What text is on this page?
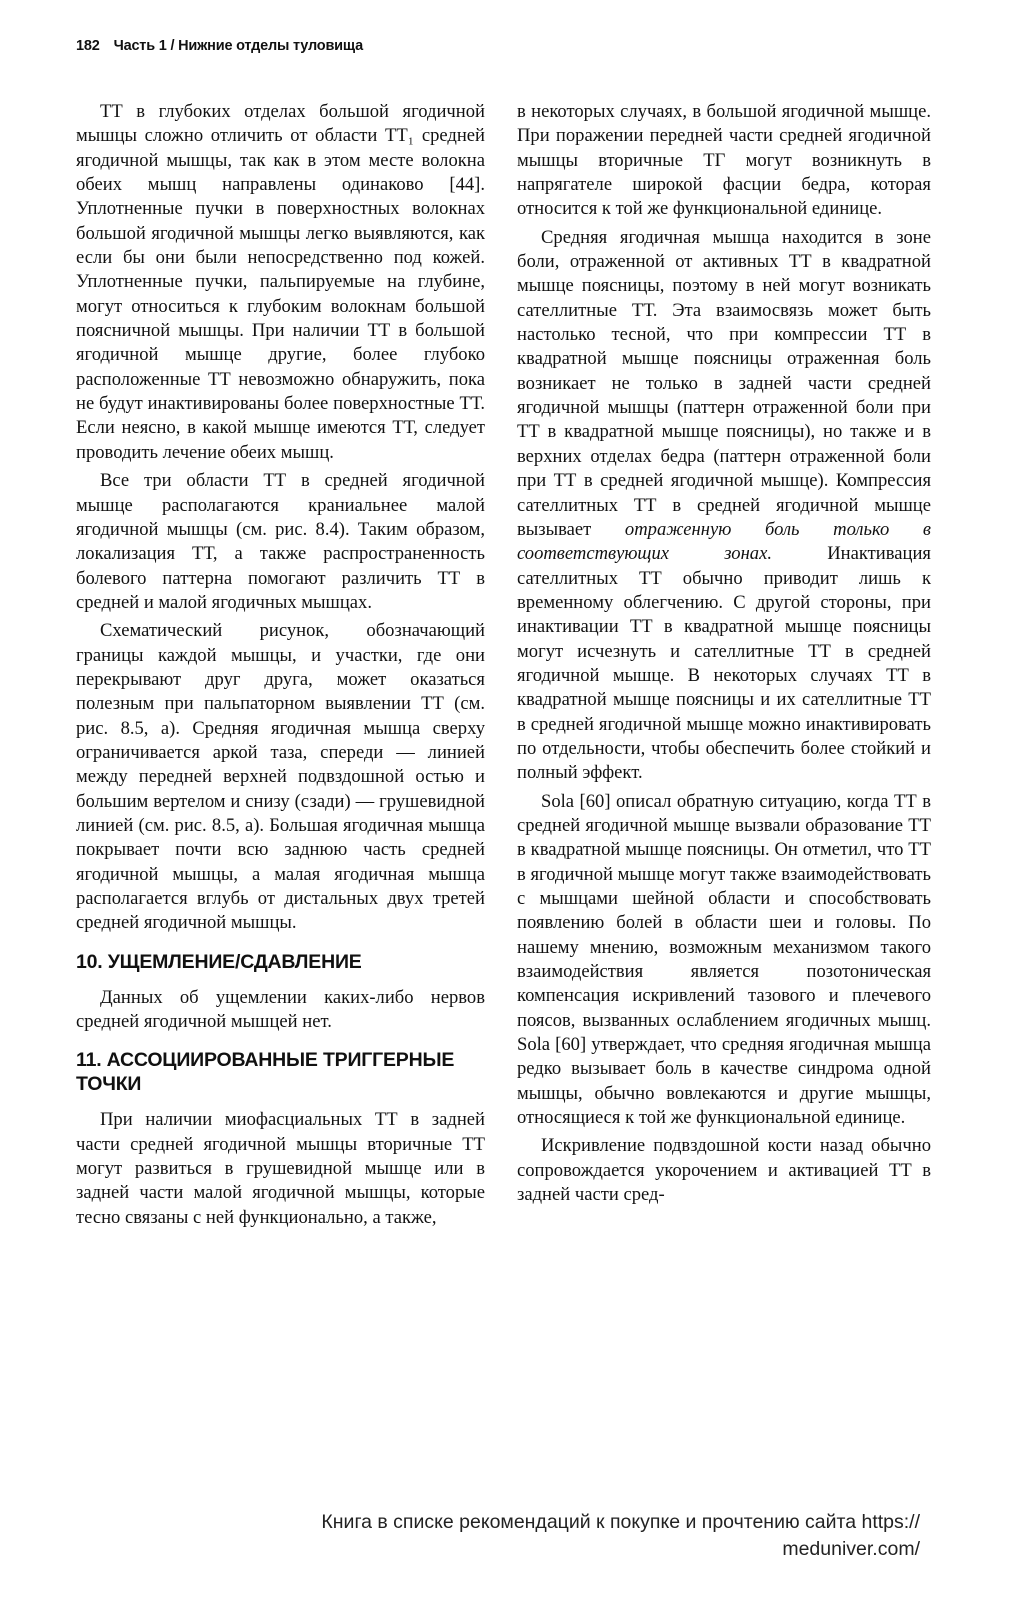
182 Часть 1 / Нижние отделы туловища

ТТ в глубоких отделах большой ягодичной мышцы сложно отличить от области ТТ₁ средней ягодичной мышцы, так как в этом месте волокна обеих мышц направлены одинаково [44]. Уплотненные пучки в поверхностных волокнах большой ягодичной мышцы легко выявляются, как если бы они были непосредственно под кожей. Уплотненные пучки, пальпируемые на глубине, могут относиться к глубоким волокнам большой поясничной мышцы. При наличии ТТ в большой ягодичной мышце другие, более глубоко расположенные ТТ невозможно обнаружить, пока не будут инактивированы более поверхностные ТТ. Если неясно, в какой мышце имеются ТТ, следует проводить лечение обеих мышц.

Все три области ТТ в средней ягодичной мышце располагаются краниальнее малой ягодичной мышцы (см. рис. 8.4). Таким образом, локализация ТТ, а также распространенность болевого паттерна помогают различить ТТ в средней и малой ягодичных мышцах.

Схематический рисунок, обозначающий границы каждой мышцы, и участки, где они перекрывают друг друга, может оказаться полезным при пальпаторном выявлении ТТ (см. рис. 8.5, а). Средняя ягодичная мышца сверху ограничивается аркой таза, спереди — линией между передней верхней подвздошной остью и большим вертелом и снизу (сзади) — грушевидной линией (см. рис. 8.5, а). Большая ягодичная мышца покрывает почти всю заднюю часть средней ягодичной мышцы, а малая ягодичная мышца располагается вглубь от дистальных двух третей средней ягодичной мышцы.

10. УЩЕМЛЕНИЕ/СДАВЛЕНИЕ

Данных об ущемлении каких-либо нервов средней ягодичной мышцей нет.

11. АССОЦИИРОВАННЫЕ ТРИГГЕРНЫЕ ТОЧКИ

При наличии миофасциальных ТТ в задней части средней ягодичной мышцы вторичные ТТ могут развиться в грушевидной мышце или в задней части малой ягодичной мышцы, которые тесно связаны с ней функционально, а также,

в некоторых случаях, в большой ягодичной мышце. При поражении передней части средней ягодичной мышцы вторичные ТГ могут возникнуть в напрягателе широкой фасции бедра, которая относится к той же функциональной единице.

Средняя ягодичная мышца находится в зоне боли, отраженной от активных ТТ в квадратной мышце поясницы, поэтому в ней могут возникать сателлитные ТТ. Эта взаимосвязь может быть настолько тесной, что при компрессии ТТ в квадратной мышце поясницы отраженная боль возникает не только в задней части средней ягодичной мышцы (паттерн отраженной боли при ТТ в квадратной мышце поясницы), но также и в верхних отделах бедра (паттерн отраженной боли при ТТ в средней ягодичной мышце). Компрессия сателлитных ТТ в средней ягодичной мышце вызывает отраженную боль только в соответствующих зонах. Инактивация сателлитных ТТ обычно приводит лишь к временному облегчению. С другой стороны, при инактивации ТТ в квадратной мышце поясницы могут исчезнуть и сателлитные ТТ в средней ягодичной мышце. В некоторых случаях ТТ в квадратной мышце поясницы и их сателлитные ТТ в средней ягодичной мышце можно инактивировать по отдельности, чтобы обеспечить более стойкий и полный эффект.

Sola [60] описал обратную ситуацию, когда ТТ в средней ягодичной мышце вызвали образование ТТ в квадратной мышце поясницы. Он отметил, что ТТ в ягодичной мышце могут также взаимодействовать с мышцами шейной области и способствовать появлению болей в области шеи и головы. По нашему мнению, возможным механизмом такого взаимодействия является позотоническая компенсация искривлений тазового и плечевого поясов, вызванных ослаблением ягодичных мышц. Sola [60] утверждает, что средняя ягодичная мышца редко вызывает боль в качестве синдрома одной мышцы, обычно вовлекаются и другие мышцы, относящиеся к той же функциональной единице.

Искривление подвздошной кости назад обычно сопровождается укорочением и активацией ТТ в задней части сред-

Книга в списке рекомендаций к покупке и прочтению сайта https://
meduniver.com/
